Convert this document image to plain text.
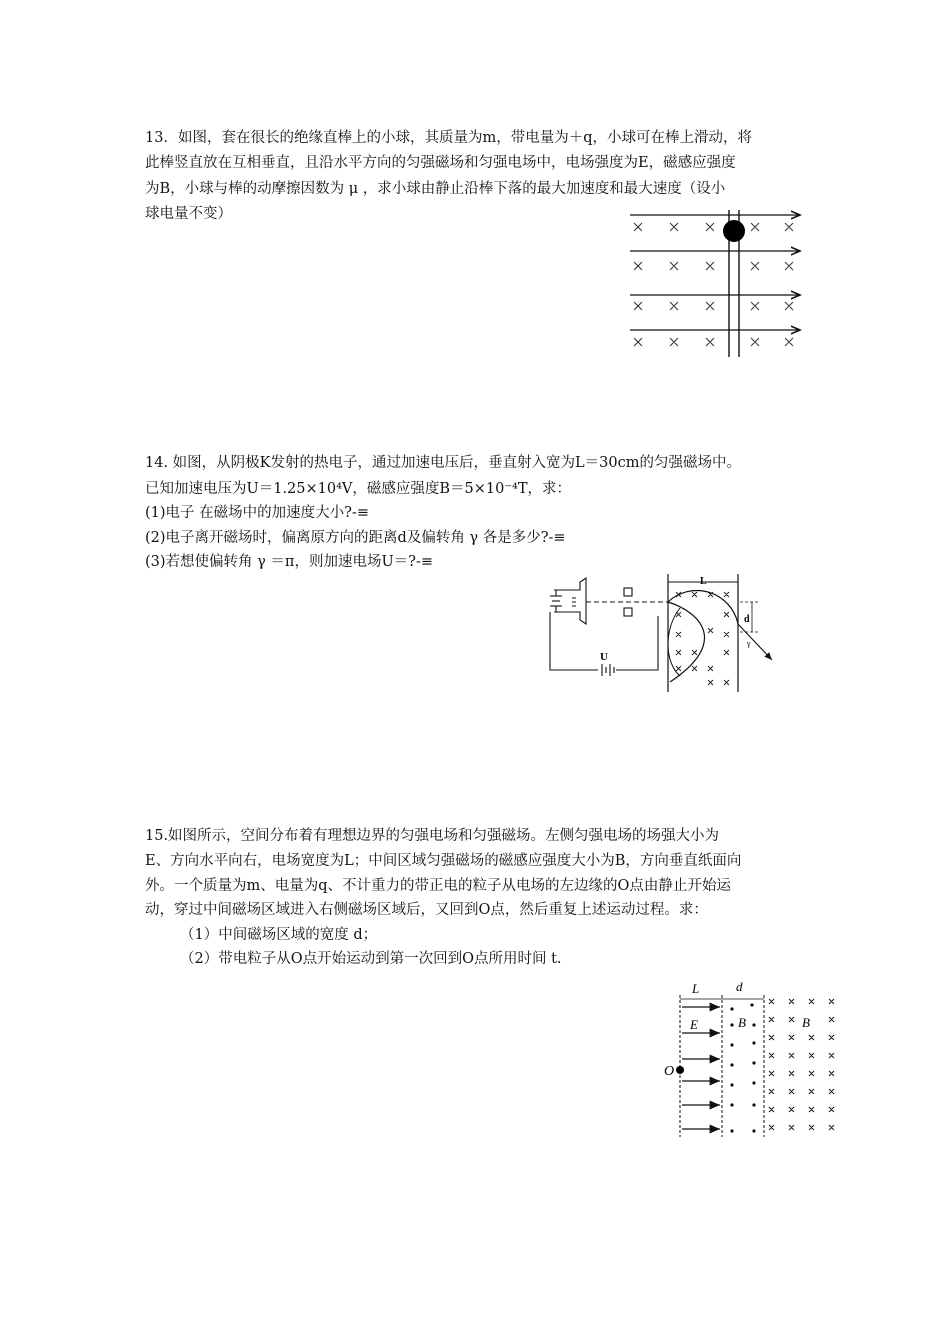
13．如图，套在很长的绝缘直棒上的小球，其质量为m，带电量为＋q，小球可在棒上滑动，将
此棒竖直放在互相垂直，且沿水平方向的匀强磁场和匀强电场中，电场强度为E，磁感应强度
为B，小球与棒的动摩擦因数为 μ ，求小球由静止沿棒下落的最大加速度和最大速度（设小
球电量不变）
14. 如图，从阴极K发射的热电子，通过加速电压后，垂直射入宽为L＝30cm的匀强磁场中。
已知加速电压为U＝1.25×10⁴V，磁感应强度B＝5×10⁻⁴T，求：
(1)电子 在磁场中的加速度大小?-≡
(2)电子离开磁场时，偏离原方向的距离d及偏转角 γ 各是多少?-≡
(3)若想使偏转角 γ ＝π，则加速电场U＝?-≡
U
L
d
γ
15.如图所示，空间分布着有理想边界的匀强电场和匀强磁场。左侧匀强电场的场强大小为
E、方向水平向右，电场宽度为L；中间区域匀强磁场的磁感应强度大小为B，方向垂直纸面向
外。一个质量为m、电量为q、不计重力的带正电的粒子从电场的左边缘的O点由静止开始运
动，穿过中间磁场区域进入右侧磁场区域后，又回到O点，然后重复上述运动过程。求：
（1）中间磁场区域的宽度 d；
（2）带电粒子从O点开始运动到第一次回到O点所用时间 t.
L	d
E
O
B	B
